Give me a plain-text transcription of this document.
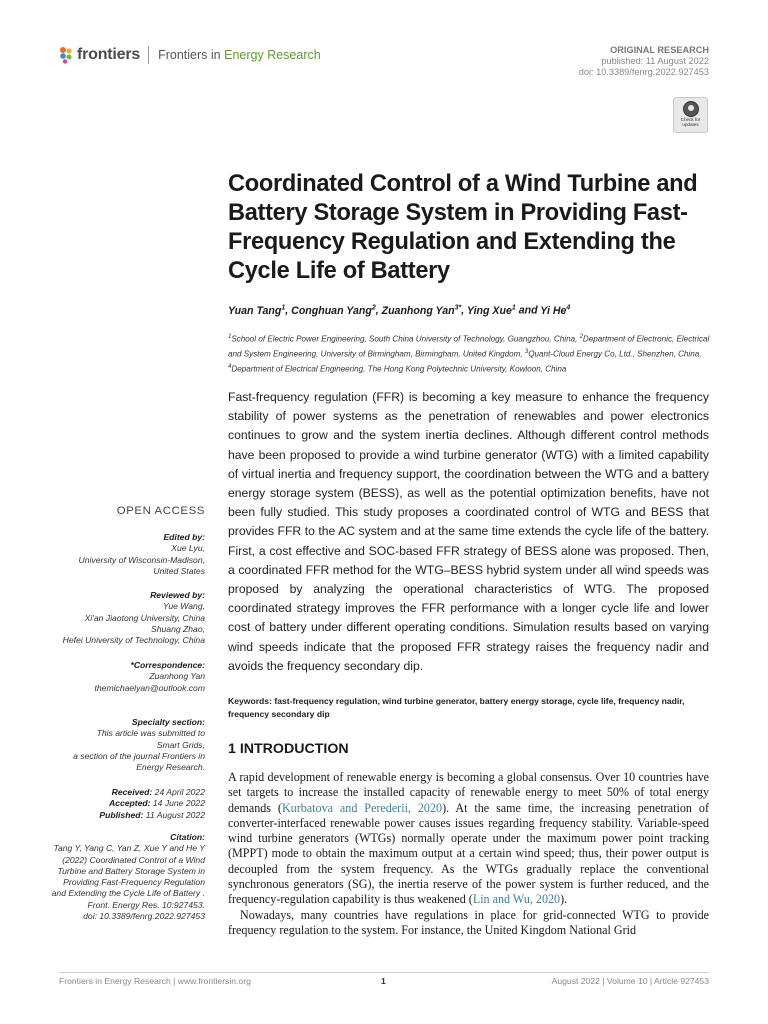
frontiers Frontiers in Energy Research	ORIGINAL RESEARCH
published: 11 August 2022
doi: 10.3389/fenrg.2022.927453
Check for
updates
Coordinated Control of a Wind Turbine and Battery Storage System in Providing Fast-Frequency Regulation and Extending the Cycle Life of Battery
Yuan Tang$^1$, Conghuan Yang$^2$, Zuanhong Yan$^{3*}$, Ying Xue$^1$ and Yi He$^4$
$^1$School of Electric Power Engineering, South China University of Technology, Guangzhou, China, $^2$Department of Electronic, Electrical and System Engineering, University of Birmingham, Birmingham, United Kingdom, $^3$Quant-Cloud Energy Co, Ltd., Shenzhen, China, $^4$Department of Electrical Engineering, The Hong Kong Polytechnic University, Kowloon, China
Fast-frequency regulation (FFR) is becoming a key measure to enhance the frequency stability of power systems as the penetration of renewables and power electronics continues to grow and the system inertia declines. Although different control methods have been proposed to provide a wind turbine generator (WTG) with a limited capability of virtual inertia and frequency support, the coordination between the WTG and a battery energy storage system (BESS), as well as the potential optimization benefits, have not been fully studied. This study proposes a coordinated control of WTG and BESS that provides FFR to the AC system and at the same time extends the cycle life of the battery. First, a cost effective and SOC-based FFR strategy of BESS alone was proposed. Then, a coordinated FFR method for the WTG–BESS hybrid system under all wind speeds was proposed by analyzing the operational characteristics of WTG. The proposed coordinated strategy improves the FFR performance with a longer cycle life and lower cost of battery under different operating conditions. Simulation results based on varying wind speeds indicate that the proposed FFR strategy raises the frequency nadir and avoids the frequency secondary dip.
Keywords: fast-frequency regulation, wind turbine generator, battery energy storage, cycle life, frequency nadir, frequency secondary dip
1 INTRODUCTION

A rapid development of renewable energy is becoming a global consensus. Over 10 countries have set targets to increase the installed capacity of renewable energy to meet 50% of total energy demands (Kurbatova and Perederii, 2020). At the same time, the increasing penetration of converter-interfaced renewable power causes issues regarding frequency stability. Variable-speed wind turbine generators (WTGs) normally operate under the maximum power point tracking (MPPT) mode to obtain the maximum output at a certain wind speed; thus, their power output is decoupled from the system frequency. As the WTGs gradually replace the conventional synchronous generators (SG), the inertia reserve of the power system is further reduced, and the frequency-regulation capability is thus weakened (Lin and Wu, 2020).

Nowadays, many countries have regulations in place for grid-connected WTG to provide frequency regulation to the system. For instance, the United Kingdom National Grid

OPEN ACCESS
Edited by:
Xue Lyu,
University of Wisconsin-Madison,
United States
Reviewed by:
Yue Wang,
Xi'an Jiaotong University, China
Shuang Zhao,
Hefei University of Technology, China
*Correspondence:
Zuanhong Yan
themichaelyan@outlook.com
Specialty section:
This article was submitted to
Smart Grids,
a section of the journal Frontiers in
Energy Research.
Received: 24 April 2022
Accepted: 14 June 2022
Published: 11 August 2022
Citation:
Tang Y, Yang C, Yan Z, Xue Y and He Y
(2022) Coordinated Control of a Wind
Turbine and Battery Storage System in
Providing Fast-Frequency Regulation
and Extending the Cycle Life of Battery .
Front. Energy Res. 10:927453.
doi: 10.3389/fenrg.2022.927453
Frontiers in Energy Research | www.frontiersin.org	1	August 2022 | Volume 10 | Article 927453
